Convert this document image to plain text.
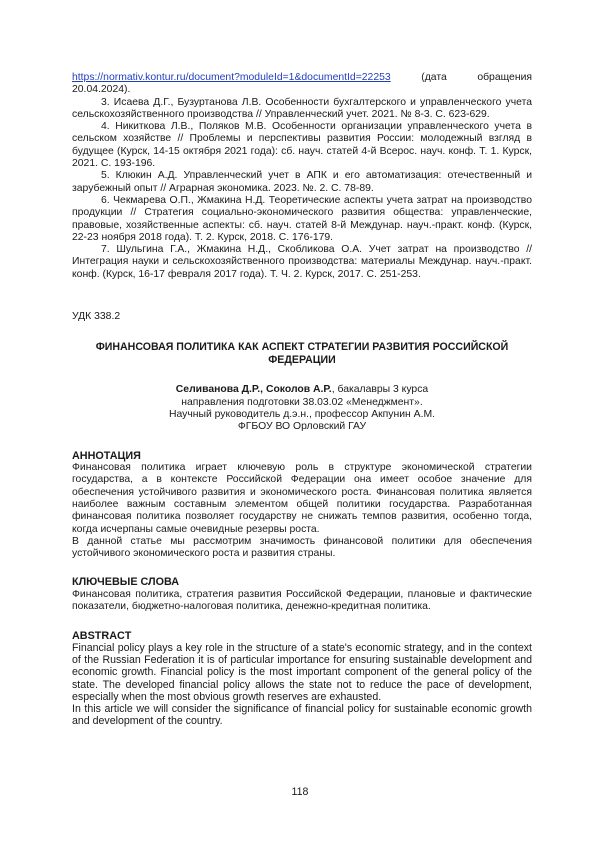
https://normativ.kontur.ru/document?moduleId=1&documentId=22253 (дата обращения 20.04.2024).

3. Исаева Д.Г., Бузуртанова Л.В. Особенности бухгалтерского и управленческого учета сельскохозяйственного производства // Управленческий учет. 2021. № 8-3. С. 623-629.

4. Никиткова Л.В., Поляков М.В. Особенности организации управленческого учета в сельском хозяйстве // Проблемы и перспективы развития России: молодежный взгляд в будущее (Курск, 14-15 октября 2021 года): сб. науч. статей 4-й Всерос. науч. конф. Т. 1. Курск, 2021. С. 193-196.

5. Клюкин А.Д. Управленческий учет в АПК и его автоматизация: отечественный и зарубежный опыт // Аграрная экономика. 2023. №. 2. С. 78-89.

6. Чекмарева О.П., Жмакина Н.Д. Теоретические аспекты учета затрат на производство продукции // Стратегия социально-экономического развития общества: управленческие, правовые, хозяйственные аспекты: сб. науч. статей 8-й Междунар. науч.-практ. конф. (Курск, 22-23 ноября 2018 года). Т. 2. Курск, 2018. С. 176-179.

7. Шульгина Г.А., Жмакина Н.Д., Скобликова О.А. Учет затрат на производство // Интеграция науки и сельскохозяйственного производства: материалы Междунар. науч.-практ. конф. (Курск, 16-17 февраля 2017 года). Т. Ч. 2. Курск, 2017. С. 251-253.

УДК 338.2
ФИНАНСОВАЯ ПОЛИТИКА КАК АСПЕКТ СТРАТЕГИИ РАЗВИТИЯ РОССИЙСКОЙ ФЕДЕРАЦИИ
Селиванова Д.Р., Соколов А.Р., бакалавры 3 курса
направления подготовки 38.03.02 «Менеджмент».
Научный руководитель д.э.н., профессор Акпунин А.М.
ФГБОУ ВО Орловский ГАУ
АННОТАЦИЯ

Финансовая политика играет ключевую роль в структуре экономической стратегии государства, а в контексте Российской Федерации она имеет особое значение для обеспечения устойчивого развития и экономического роста. Финансовая политика является наиболее важным составным элементом общей политики государства. Разработанная финансовая политика позволяет государству не снижать темпов развития, особенно тогда, когда исчерпаны самые очевидные резервы роста.

В данной статье мы рассмотрим значимость финансовой политики для обеспечения устойчивого экономического роста и развития страны.

КЛЮЧЕВЫЕ СЛОВА

Финансовая политика, стратегия развития Российской Федерации, плановые и фактические показатели, бюджетно-налоговая политика, денежно-кредитная политика.

ABSTRACT

Financial policy plays a key role in the structure of a state's economic strategy, and in the context of the Russian Federation it is of particular importance for ensuring sustainable development and economic growth. Financial policy is the most important component of the general policy of the state. The developed financial policy allows the state not to reduce the pace of development, especially when the most obvious growth reserves are exhausted.

In this article we will consider the significance of financial policy for sustainable economic growth and development of the country.

118
